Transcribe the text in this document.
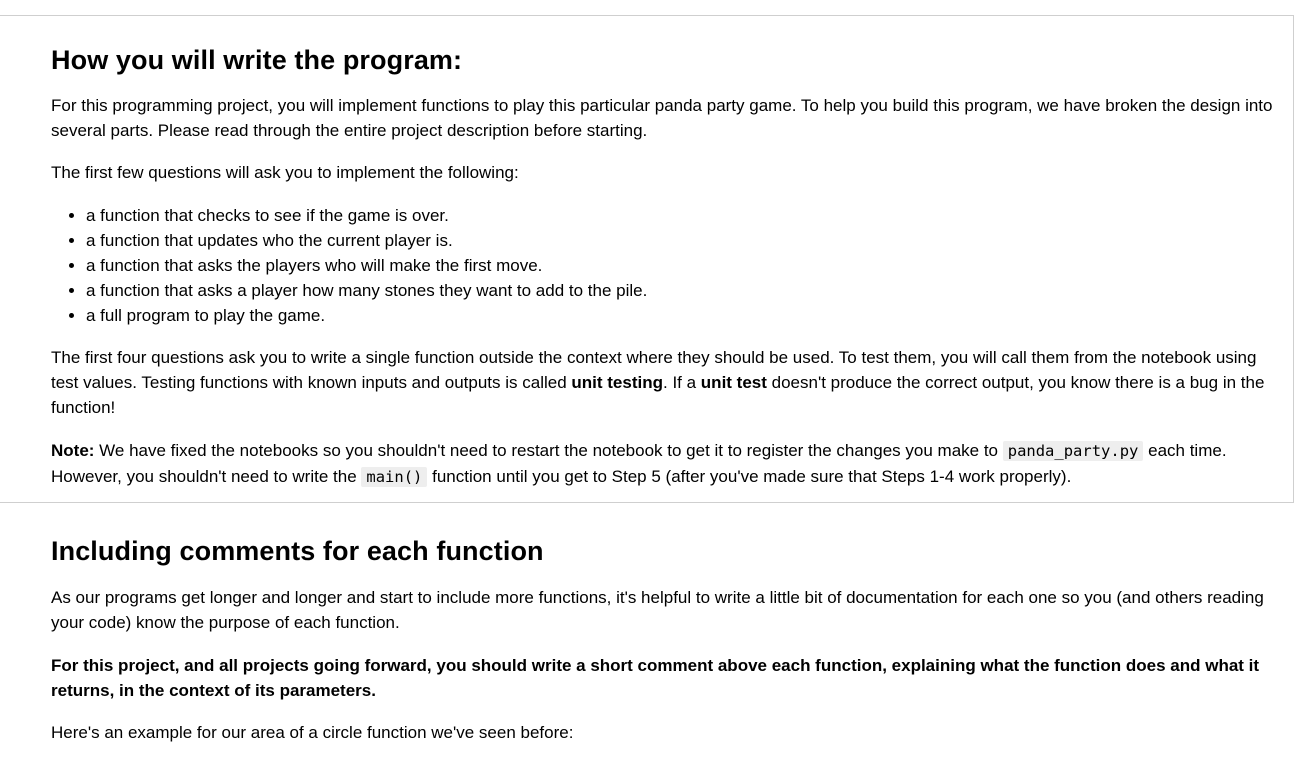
How you will write the program:

For this programming project, you will implement functions to play this particular panda party game. To help you build this program, we have broken the design into several parts. Please read through the entire project description before starting.

The first few questions will ask you to implement the following:

• a function that checks to see if the game is over.
• a function that updates who the current player is.
• a function that asks the players who will make the first move.
• a function that asks a player how many stones they want to add to the pile.
• a full program to play the game.

The first four questions ask you to write a single function outside the context where they should be used. To test them, you will call them from the notebook using test values. Testing functions with known inputs and outputs is called unit testing. If a unit test doesn't produce the correct output, you know there is a bug in the function!

Note: We have fixed the notebooks so you shouldn't need to restart the notebook to get it to register the changes you make to panda_party.py each time. However, you shouldn't need to write the main() function until you get to Step 5 (after you've made sure that Steps 1-4 work properly).

Including comments for each function

As our programs get longer and longer and start to include more functions, it's helpful to write a little bit of documentation for each one so you (and others reading your code) know the purpose of each function.

For this project, and all projects going forward, you should write a short comment above each function, explaining what the function does and what it returns, in the context of its parameters.

Here's an example for our area of a circle function we've seen before:
